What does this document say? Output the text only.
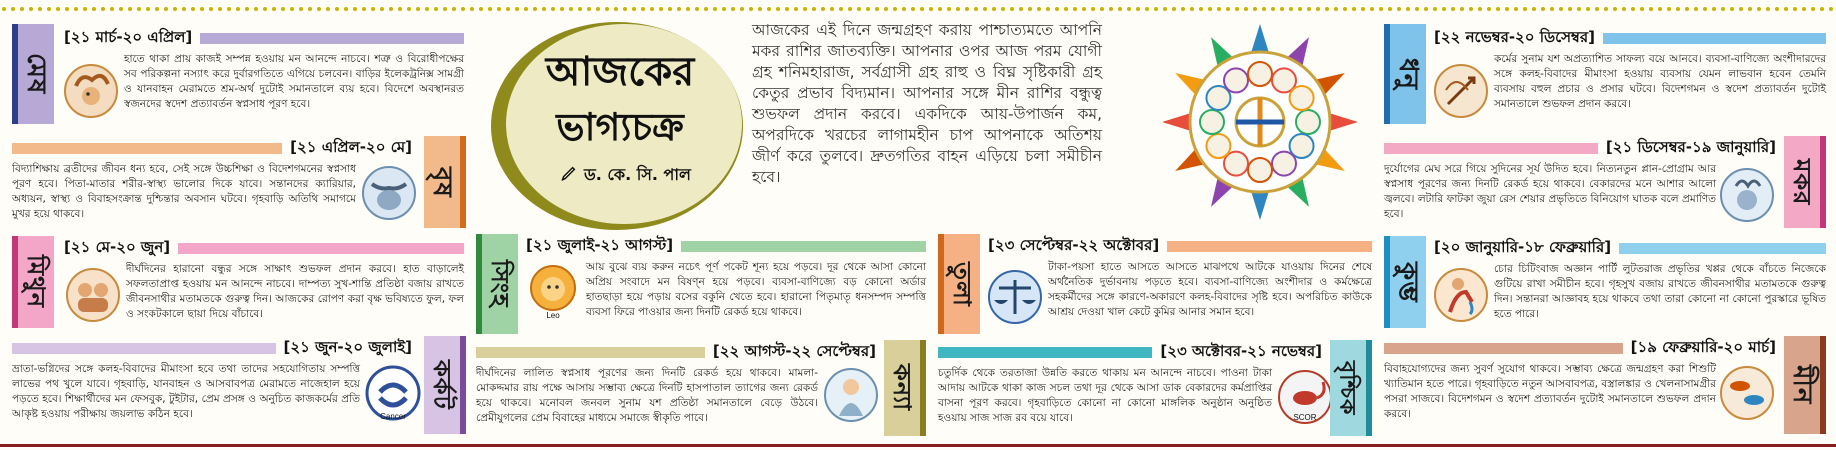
মেষ
[২১ মার্চ-২০ এপ্রিল]

হাতে থাকা প্রায় কাজই সম্পন্ন হওয়ায় মন আনন্দে নাচবে। শত্রু ও বিরোধীপক্ষের সব পরিকল্পনা নস্যাৎ করে দুর্বারগতিতে এগিয়ে চলবেন। বাড়ির ইলেকট্রনিক্স সামগ্রী ও যানবাহন মেরামতে শ্রম-অর্থ দুটোই সমানতালে ব্যয় হবে। বিদেশে অবস্থানরত স্বজনদের স্বদেশ প্রত্যাবর্তন স্বপ্নসাধ পূরণ হবে।

[২১ এপ্রিল-২০ মে]
বৃষ

বিদ্যাশিক্ষায় ব্রতীদের জীবন ধন্য হবে, সেই সঙ্গে উচ্চশিক্ষা ও বিদেশগমনের স্বপ্নসাধ পূরণ হবে। পিতা-মাতার শরীর-স্বাস্থ্য ভালোর দিকে যাবে। সন্তানদের ক্যারিয়ার, অধ্যয়ন, স্বাস্থ্য ও বিবাহসংক্রান্ত দুশ্চিন্তার অবসান ঘটবে। গৃহবাড়ি অতিথি সমাগমে মুখর হয়ে থাকবে।

মিথুন
[২১ মে-২০ জুন]

দীর্ঘদিনের হারানো বন্ধুর সঙ্গে সাক্ষাৎ শুভফল প্রদান করবে। হাত বাড়ালেই সফলতাপ্রাপ্ত হওয়ায় মন আনন্দে নাচবে। দাম্পত্য সুখ-শান্তি প্রতিষ্ঠা বজায় রাখতে জীবনসাথীর মতামতকে গুরুত্ব দিন। আজকের রোপণ করা বৃক্ষ ভবিষ্যতে ফুল, ফল ও সংকটকালে ছায়া দিয়ে বাঁচাবে।

[২১ জুন-২০ জুলাই]
Cancer
কর্কট

ভ্রাতা-ভগ্নিদের সঙ্গে কলহ-বিবাদের মীমাংসা হবে তথা তাদের সহযোগিতায় সম্পত্তি লাভের পথ খুলে যাবে। গৃহবাড়ি, যানবাহন ও আসবাবপত্র মেরামতে নাজেহাল হয়ে পড়তে হবে। শিক্ষার্থীদের মন ফেসবুক, টুইটার, প্রেম প্রসঙ্গ ও অনুচিত কাজকর্মের প্রতি আকৃষ্ট হওয়ায় পরীক্ষায় জয়লাভ কঠিন হবে।

আজকের
ভাগ্যচক্র
ড. কে. সি. পাল

আজকের এই দিনে জন্মগ্রহণ করায় পাশ্চাত্যমতে আপনি মকর রাশির জাতব্যক্তি। আপনার ওপর আজ পরম যোগী গ্রহ শনিমহারাজ, সর্বগ্রাসী গ্রহ রাহু ও বিঘ্ন সৃষ্টিকারী গ্রহ কেতুর প্রভাব বিদ্যমান। আপনার সঙ্গে মীন রাশির বন্ধুত্ব শুভফল প্রদান করবে। একদিকে আয়-উপার্জন কম, অপরদিকে খরচের লাগামহীন চাপ আপনাকে অতিশয় জীর্ণ করে তুলবে। দ্রুতগতির বাহন এড়িয়ে চলা সমীচীন হবে।

সিংহ
[২১ জুলাই-২১ আগস্ট]
Leo

আয় বুঝে ব্যয় করুন নচেৎ পূর্ণ পকেট শূন্য হয়ে পড়বে। দূর থেকে আসা কোনো অপ্রিয় সংবাদে মন বিষণ্ন হয়ে পড়বে। ব্যবসা-বাণিজ্যে বড় কোনো অর্ডার হাতছাড়া হয়ে পড়ায় বসের বকুনি খেতে হবে। হারানো পিতৃমাতৃ ধনসম্পদ সম্পত্তি ব্যবসা ফিরে পাওয়ার জন্য দিনটি রেকর্ড হয়ে থাকবে।

[২২ আগস্ট-২২ সেপ্টেম্বর]
কন্যা

দীর্ঘদিনের লালিত স্বপ্নসাধ পূরণের জন্য দিনটি রেকর্ড হয়ে থাকবে। মামলা-মোকদ্দমার রায় পক্ষে আসায় সম্ভাব্য ক্ষেত্রে দিনটি হাসপাতাল ত্যাগের জন্য রেকর্ড হয়ে থাকবে। মনোবল জনবল সুনাম যশ প্রতিষ্ঠা সমানতালে বেড়ে উঠবে। প্রেমীযুগলের প্রেম বিবাহের মাধ্যমে সমাজে স্বীকৃতি পাবে।

তুলা
[২৩ সেপ্টেম্বর-২২ অক্টোবর]

টাকা-পয়সা হাতে আসতে আসতে মাঝপথে আটকে যাওয়ায় দিনের শেষে অর্থনৈতিক দুর্ভাবনায় পড়তে হবে। ব্যবসা-বাণিজ্যে অংশীদার ও কর্মক্ষেত্রে সহকর্মীদের সঙ্গে কারণে-অকারণে কলহ-বিবাদের সৃষ্টি হবে। অপরিচিত কাউকে আশ্রয় দেওয়া খাল কেটে কুমির আনার সমান হবে।

[২৩ অক্টোবর-২১ নভেম্বর]
SCOR
বৃশ্চিক

চতুর্দিক থেকে তরতাজা উন্নতি করতে থাকায় মন আনন্দে নাচবে। পাওনা টাকা আদায় আটকে থাকা কাজ সচল তথা দূর থেকে আসা ডাক বেকারদের কর্মপ্রাপ্তির বাসনা পূরণ করবে। গৃহবাড়িতে কোনো না কোনো মাঙ্গলিক অনুষ্ঠান অনুষ্ঠিত হওয়ায় সাজ সাজ রব বয়ে যাবে।

ধনু
[২২ নভেম্বর-২০ ডিসেম্বর]

কর্মের সুনাম যশ অপ্রত্যাশিত সাফল্য বয়ে আনবে। ব্যবসা-বাণিজ্যে অংশীদারদের সঙ্গে কলহ-বিবাদের মীমাংসা হওয়ায় ব্যবসায় যেমন লাভবান হবেন তেমনি ব্যবসায় বহুল প্রচার ও প্রসার ঘটবে। বিদেশগমন ও স্বদেশ প্রত্যাবর্তন দুটোই সমানতালে শুভফল প্রদান করবে।

[২১ ডিসেম্বর-১৯ জানুয়ারি]
মকর

দুর্যোগের মেঘ সরে গিয়ে সুদিনের সূর্য উদিত হবে। নিত্যনতুন প্লান-প্রোগ্রাম আর স্বপ্নসাধ পূরণের জন্য দিনটি রেকর্ড হয়ে থাকবে। বেকারদের মনে আশার আলো জ্বলবে। লটারি ফাটকা জুয়া রেস শেয়ার প্রভৃতিতে বিনিয়োগ ঘাতক বলে প্রমাণিত হবে।

কুম্ভ
[২০ জানুয়ারি-১৮ ফেব্রুয়ারি]

চোর চিটিংবাজ অজ্ঞান পার্টি লুটতরাজ প্রভৃতির খপ্পর থেকে বাঁচতে নিজেকে গুটিয়ে রাখা সমীচীন হবে। গৃহসুখ বজায় রাখতে জীবনসাথীর মতামতকে গুরুত্ব দিন। সন্তানরা আজ্ঞাবহ হয়ে থাকবে তথা তারা কোনো না কোনো পুরস্কারে ভূষিত হতে পারে।

[১৯ ফেব্রুয়ারি-২০ মার্চ]
মীন

বিবাহযোগ্যদের জন্য সুবর্ণ সুযোগ থাকবে। সম্ভাব্য ক্ষেত্রে জন্মগ্রহণ করা শিশুটি খ্যাতিমান হতে পারে। গৃহবাড়িতে নতুন আসবাবপত্র, বস্ত্রালঙ্কার ও খেলনাসামগ্রীর পসরা সাজবে। বিদেশগমন ও স্বদেশ প্রত্যাবর্তন দুটোই সমানতালে শুভফল প্রদান করবে।
